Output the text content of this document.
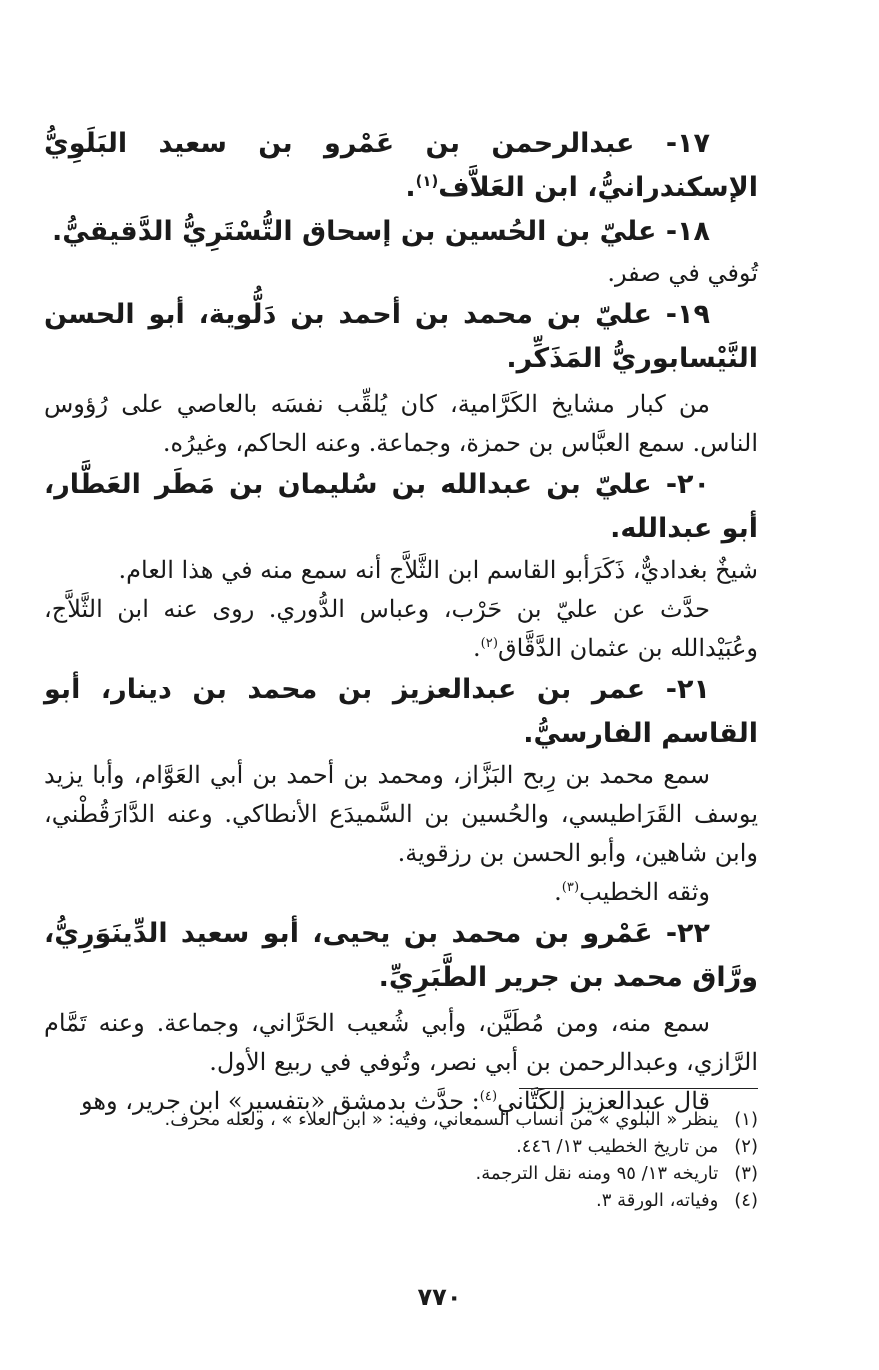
١٧- عبدالرحمن بن عَمْرو بن سعيد البَلَوِيُّ الإسكندرانيُّ، ابن العَلاَّف$^{(١)}$.

١٨- عليّ بن الحُسين بن إسحاق التُّسْتَرِيُّ الدَّقيقيُّ.

تُوفي في صفر.

١٩- عليّ بن محمد بن أحمد بن دَلُّوية، أبو الحسن النَّيْسابوريُّ المَذَكِّر.

من كبار مشايخ الكَرَّامية، كان يُلقِّب نفسَه بالعاصي على رُؤوس الناس. سمع العبَّاس بن حمزة، وجماعة. وعنه الحاكم، وغيرُه.

٢٠- عليّ بن عبدالله بن سُليمان بن مَطَر العَطَّار، أبو عبدالله.

شيخٌ بغداديٌّ، ذَكَرَأبو القاسم ابن الثَّلاَّج أنه سمع منه في هذا العام.

حدَّث عن عليّ بن حَرْب، وعباس الدُّوري. روى عنه ابن الثَّلاَّج، وعُبَيْدالله بن عثمان الدَّقَّاق$^{(٢)}$.

٢١- عمر بن عبدالعزيز بن محمد بن دينار، أبو القاسم الفارسيُّ.

سمع محمد بن رِبح البَزَّاز، ومحمد بن أحمد بن أبي العَوَّام، وأبا يزيد يوسف القَرَاطيسي، والحُسين بن السَّميدَع الأنطاكي. وعنه الدَّارَقُطْني، وابن شاهين، وأبو الحسن بن رزقوية.

وثقه الخطيب$^{(٣)}$.

٢٢- عَمْرو بن محمد بن يحيى، أبو سعيد الدِّينَوَرِيُّ، ورَّاق محمد بن جرير الطَّبَرِيِّ.

سمع منه، ومن مُطَيَّن، وأبي شُعيب الحَرَّاني، وجماعة. وعنه تَمَّام الرَّازي، وعبدالرحمن بن أبي نصر، وتُوفي في ربيع الأول.

قال عبدالعزيز الكَتَّاني$^{(٤)}$: حدَّث بدمشق «بتفسير» ابن جرير، وهو

(١) ينظر « البلوي » من أنساب السمعاني، وفيه: « ابن العلاء » ، ولعله محرف.

(٢) من تاريخ الخطيب ١٣/ ٤٤٦.

(٣) تاريخه ١٣/ ٩٥ ومنه نقل الترجمة.

(٤) وفياته، الورقة ٣.

٧٧٠
